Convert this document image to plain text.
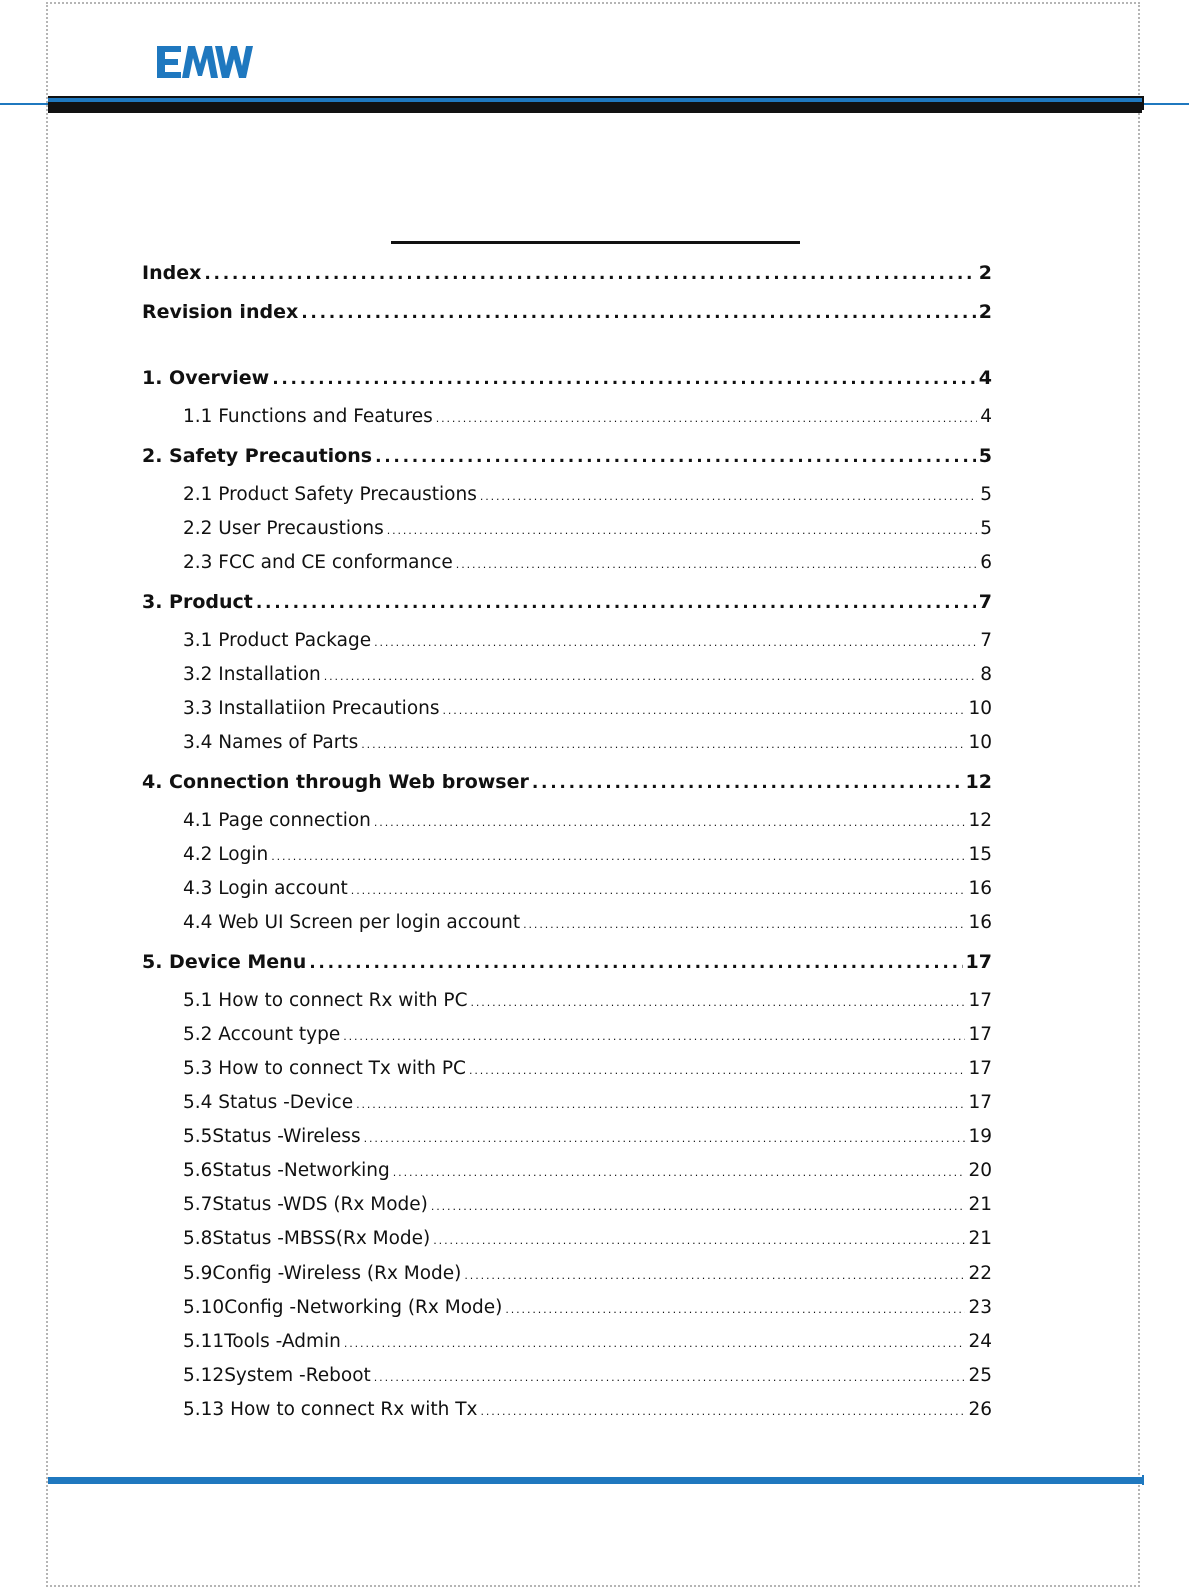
Index . . .	2
Revision index . . .	2
1. Overview . . .	4
1.1 Functions and Features . . .	4
2. Safety Precautions . . .	5
2.1 Product Safety Precaustions . . .	5
2.2 User Precaustions . . .	5
2.3 FCC and CE conformance . . .	6
3. Product . . .	7
3.1 Product Package . . .	7
3.2 Installation . . .	8
3.3 Installatiion Precautions . . .	10
3.4 Names of Parts . . .	10
4. Connection through Web browser . . .	12
4.1 Page connection . . .	12
4.2 Login . . .	15
4.3 Login account . . .	16
4.4 Web UI Screen per login account . . .	16
5. Device Menu . . .	17
5.1 How to connect Rx with PC . . .	17
5.2 Account type . . .	17
5.3 How to connect Tx with PC . . .	17
5.4 Status -Device . . .	17
5.5Status -Wireless . . .	19
5.6Status -Networking . . .	20
5.7Status -WDS (Rx Mode) . . .	21
5.8Status -MBSS(Rx Mode) . . .	21
5.9Config -Wireless (Rx Mode) . . .	22
5.10Config -Networking (Rx Mode) . . .	23
5.11Tools -Admin . . .	24
5.12System -Reboot . . .	25
5.13 How to connect Rx with Tx . . .	26
